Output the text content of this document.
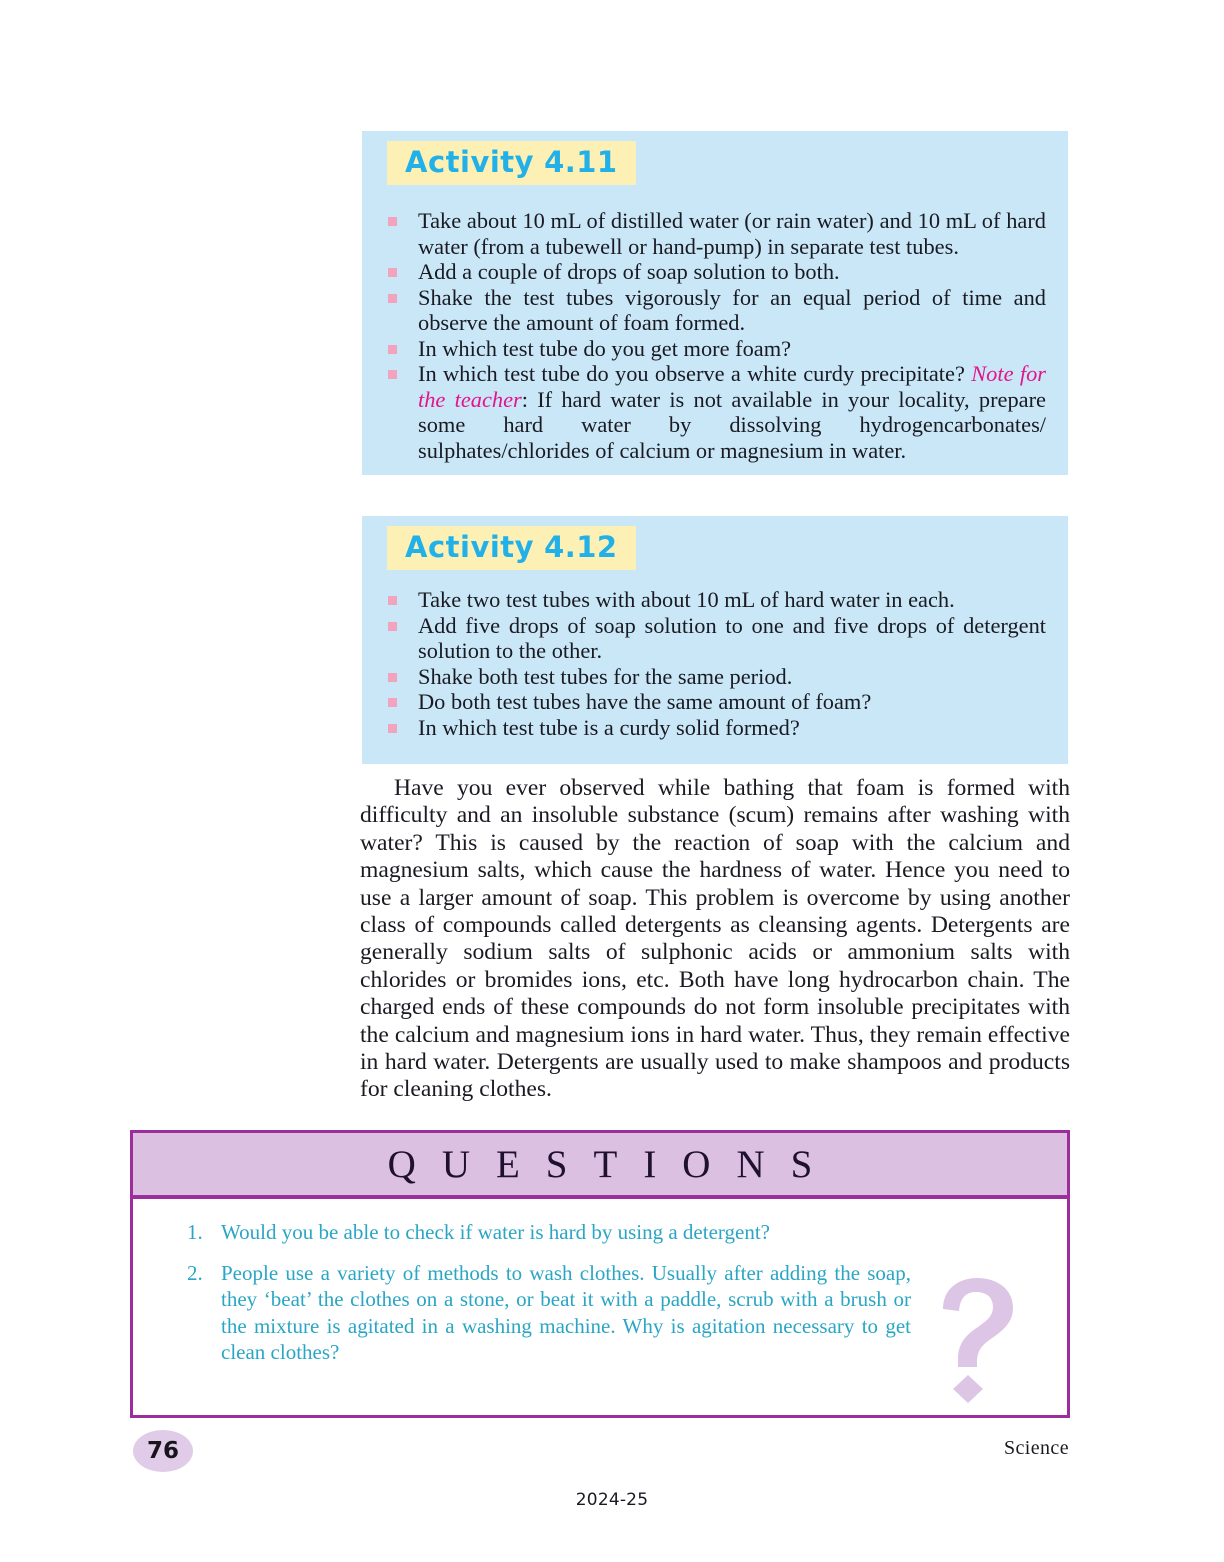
Activity 4.11
Take about 10 mL of distilled water (or rain water) and 10 mL of hard water (from a tubewell or hand-pump) in separate test tubes.
Add a couple of drops of soap solution to both.
Shake the test tubes vigorously for an equal period of time and observe the amount of foam formed.
In which test tube do you get more foam?
In which test tube do you observe a white curdy precipitate? Note for the teacher: If hard water is not available in your locality, prepare some hard water by dissolving hydrogencarbonates/ sulphates/chlorides of calcium or magnesium in water.
Activity 4.12
Take two test tubes with about 10 mL of hard water in each.
Add five drops of soap solution to one and five drops of detergent solution to the other.
Shake both test tubes for the same period.
Do both test tubes have the same amount of foam?
In which test tube is a curdy solid formed?

Have you ever observed while bathing that foam is formed with difficulty and an insoluble substance (scum) remains after washing with water? This is caused by the reaction of soap with the calcium and magnesium salts, which cause the hardness of water. Hence you need to use a larger amount of soap. This problem is overcome by using another class of compounds called detergents as cleansing agents. Detergents are generally sodium salts of sulphonic acids or ammonium salts with chlorides or bromides ions, etc. Both have long hydrocarbon chain. The charged ends of these compounds do not form insoluble precipitates with the calcium and magnesium ions in hard water. Thus, they remain effective in hard water. Detergents are usually used to make shampoos and products for cleaning clothes.

QUESTIONS
1. Would you be able to check if water is hard by using a detergent?
2. People use a variety of methods to wash clothes. Usually after adding the soap, they ‘beat’ the clothes on a stone, or beat it with a paddle, scrub with a brush or the mixture is agitated in a washing machine. Why is agitation necessary to get clean clothes?
76	Science
2024-25
